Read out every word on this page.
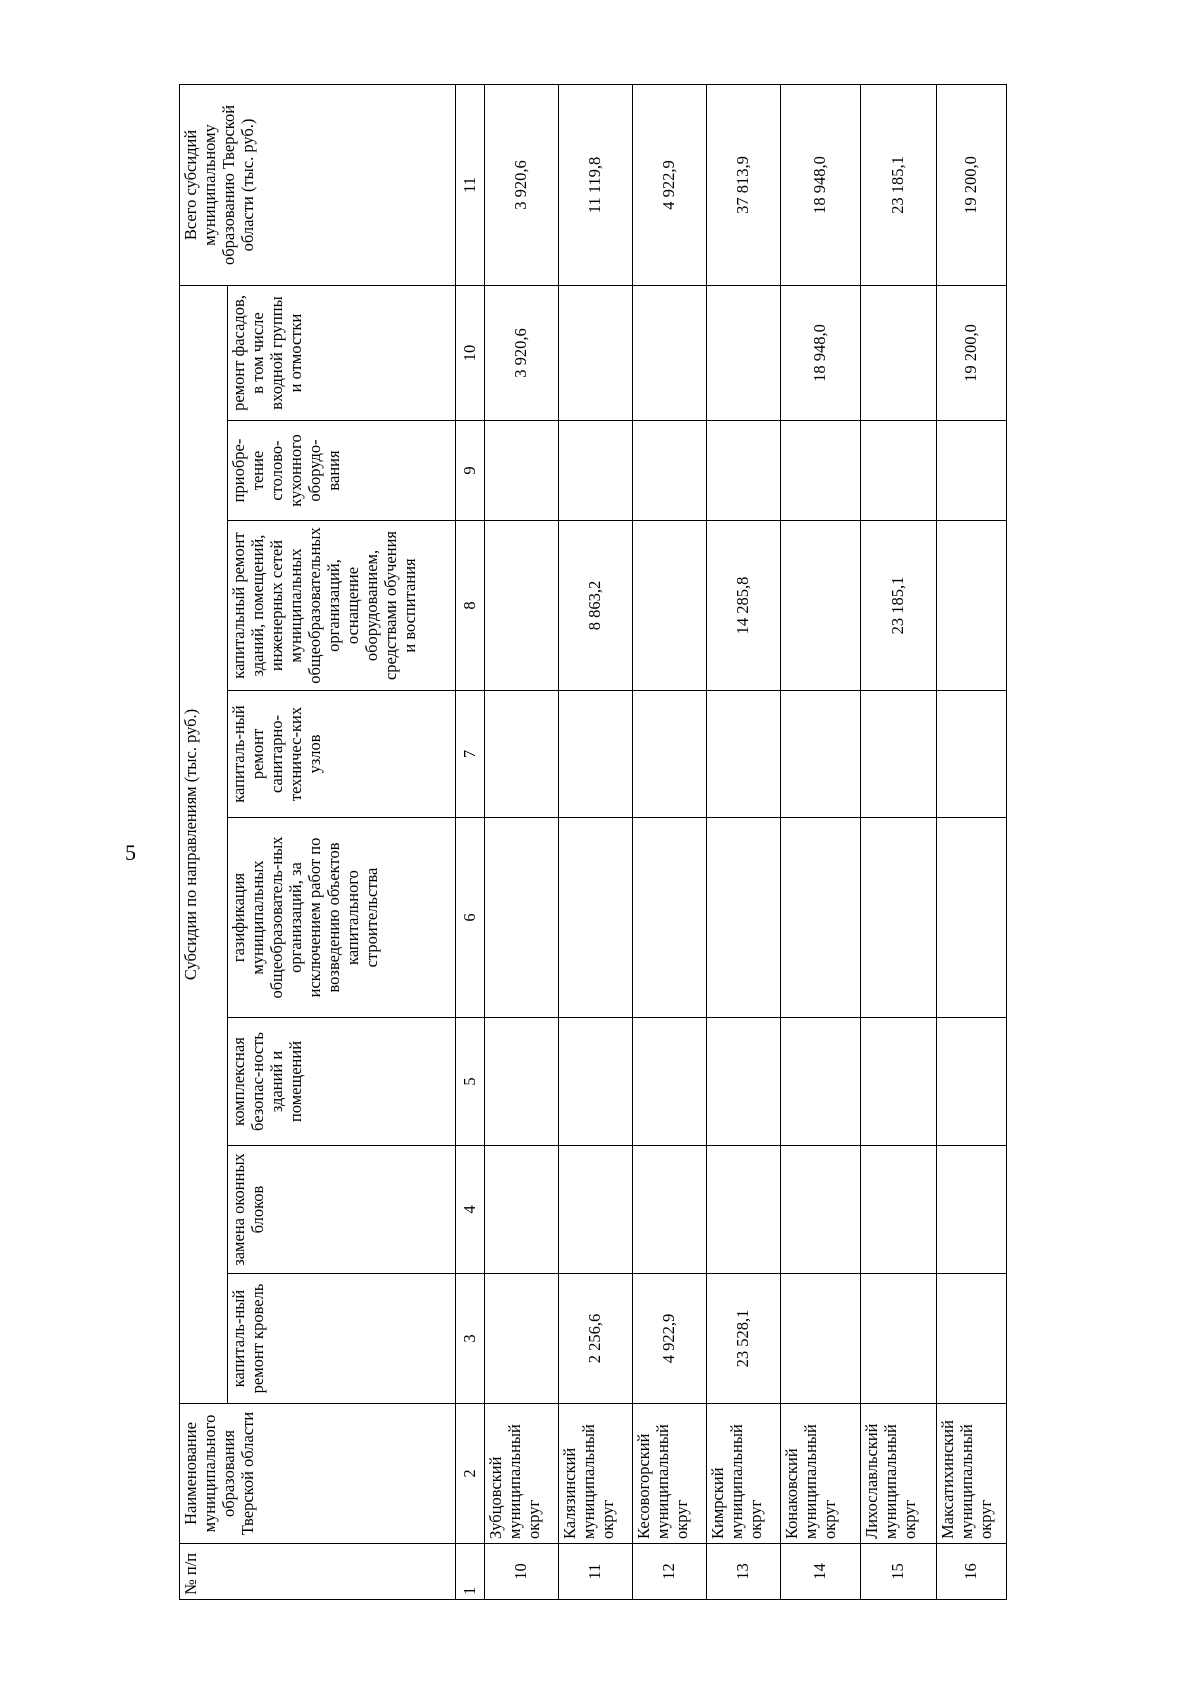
5
№ п/п	Наименование муниципального образования Тверской области	Субсидии по направлениям (тыс. руб.)								Всего субсидий муниципальному образованию Тверской области (тыс. руб.)
		капиталь-ный ремонт кровель	замена оконных блоков	комплексная безопас-ность зданий и помещений	газификация муниципальных общеобразователь-ных организаций, за исключением работ по возведению объектов капитального строительства	капиталь-ный ремонт санитарно-техничес-ких узлов	капитальный ремонт зданий, помещений, инженерных сетей муниципальных общеобразовательных организаций, оснащение оборудованием, средствами обучения и воспитания	приобре-тение столово-кухонного оборудо-вания	ремонт фасадов, в том числе входной группы и отмостки	
1	2	3	4	5	6	7	8	9	10	11
10	Зубцовский муниципальный округ								3 920,6	3 920,6
11	Калязинский муниципальный округ	2 256,6					8 863,2			11 119,8
12	Кесовогорский муниципальный округ	4 922,9								4 922,9
13	Кимрский муниципальный округ	23 528,1					14 285,8			37 813,9
14	Конаковский муниципальный округ								18 948,0	18 948,0
15	Лихославльский муниципальный округ						23 185,1			23 185,1
16	Максатихинский муниципальный округ								19 200,0	19 200,0
